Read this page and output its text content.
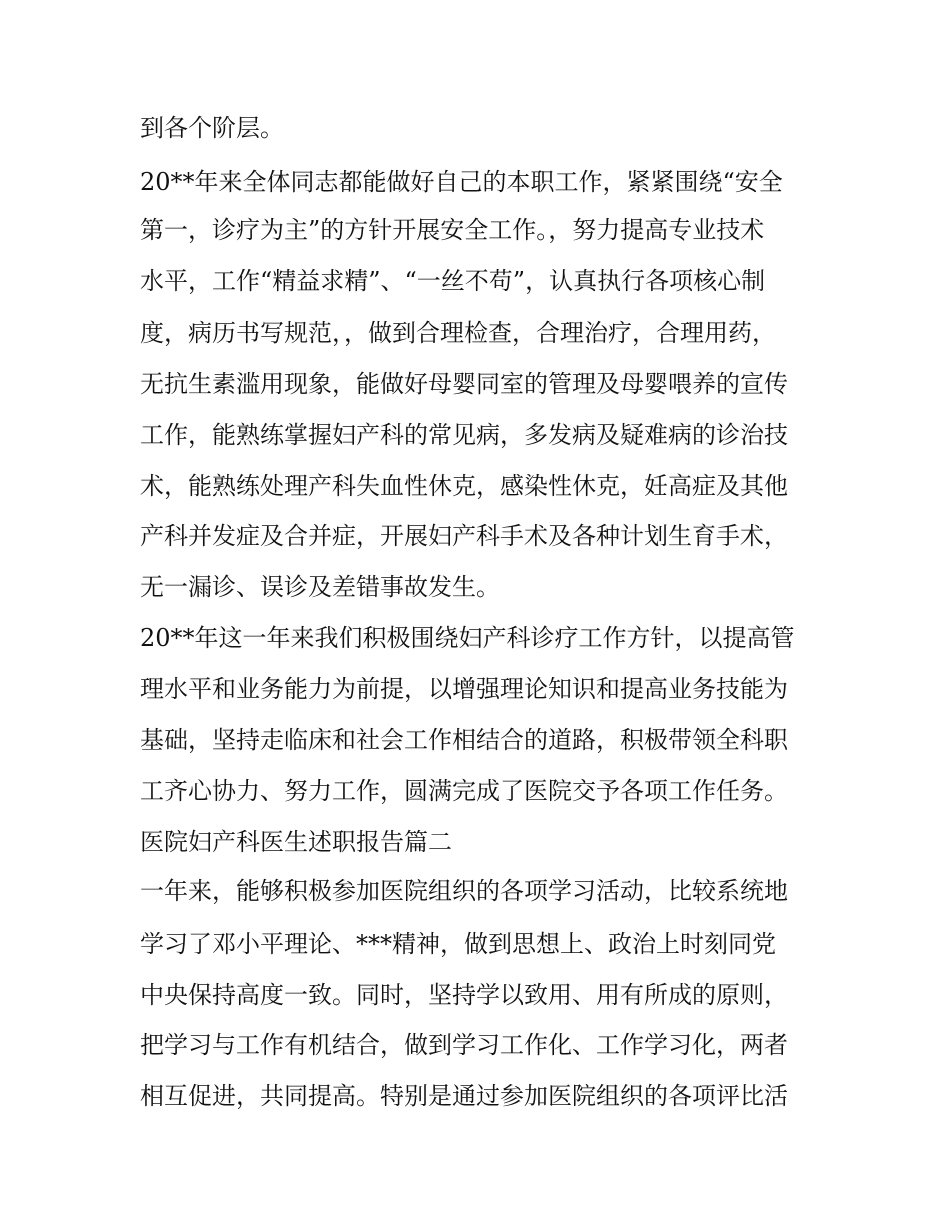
到各个阶层。
20**年来全体同志都能做好自己的本职工作，紧紧围绕“安全
第一，诊疗为主”的方针开展安全工作。，努力提高专业技术
水平，工作“精益求精”、“一丝不苟”，认真执行各项核心制
度，病历书写规范，，做到合理检查，合理治疗，合理用药，
无抗生素滥用现象，能做好母婴同室的管理及母婴喂养的宣传
工作，能熟练掌握妇产科的常见病，多发病及疑难病的诊治技
术，能熟练处理产科失血性休克，感染性休克，妊高症及其他
产科并发症及合并症，开展妇产科手术及各种计划生育手术，
无一漏诊、误诊及差错事故发生。
20**年这一年来我们积极围绕妇产科诊疗工作方针，以提高管
理水平和业务能力为前提，以增强理论知识和提高业务技能为
基础，坚持走临床和社会工作相结合的道路，积极带领全科职
工齐心协力、努力工作，圆满完成了医院交予各项工作任务。
医院妇产科医生述职报告篇二
一年来，能够积极参加医院组织的各项学习活动，比较系统地
学习了邓小平理论、***精神，做到思想上、政治上时刻同党
中央保持高度一致。同时，坚持学以致用、用有所成的原则，
把学习与工作有机结合，做到学习工作化、工作学习化，两者
相互促进，共同提高。特别是通过参加医院组织的各项评比活
